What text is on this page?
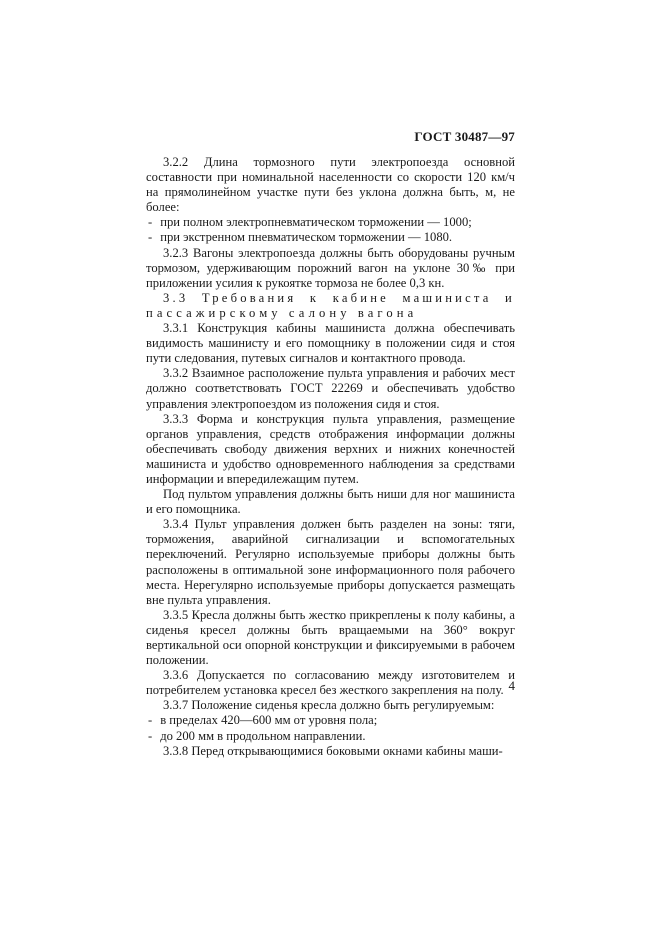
ГОСТ 30487—97

3.2.2 Длина тормозного пути электропоезда основной составности при номинальной населенности со скорости 120 км/ч на прямолинейном участке пути без уклона должна быть, м, не более:

- при полном электропневматическом торможении — 1000;

- при экстренном пневматическом торможении — 1080.

3.2.3 Вагоны электропоезда должны быть оборудованы ручным тормозом, удерживающим порожний вагон на уклоне 30‰ при приложении усилия к рукоятке тормоза не более 0,3 кн.

3.3 Требования к кабине машиниста и

пассажирскому салону вагона

3.3.1 Конструкция кабины машиниста должна обеспечивать видимость машинисту и его помощнику в положении сидя и стоя пути следования, путевых сигналов и контактного провода.

3.3.2 Взаимное расположение пульта управления и рабочих мест должно соответствовать ГОСТ 22269 и обеспечивать удобство управления электропоездом из положения сидя и стоя.

3.3.3 Форма и конструкция пульта управления, размещение органов управления, средств отображения информации должны обеспечивать свободу движения верхних и нижних конечностей машиниста и удобство одновременного наблюдения за средствами информации и впередилежащим путем.

Под пультом управления должны быть ниши для ног машиниста и его помощника.

3.3.4 Пульт управления должен быть разделен на зоны: тяги, торможения, аварийной сигнализации и вспомогательных переключений. Регулярно используемые приборы должны быть расположены в оптимальной зоне информационного поля рабочего места. Нерегулярно используемые приборы допускается размещать вне пульта управления.

3.3.5 Кресла должны быть жестко прикреплены к полу кабины, а сиденья кресел должны быть вращаемыми на 360° вокруг вертикальной оси опорной конструкции и фиксируемыми в рабочем положении.

3.3.6 Допускается по согласованию между изготовителем и потребителем установка кресел без жесткого закрепления на полу.

3.3.7 Положение сиденья кресла должно быть регулируемым:

- в пределах 420—600 мм от уровня пола;

- до 200 мм в продольном направлении.

3.3.8 Перед открывающимися боковыми окнами кабины маши-

4
